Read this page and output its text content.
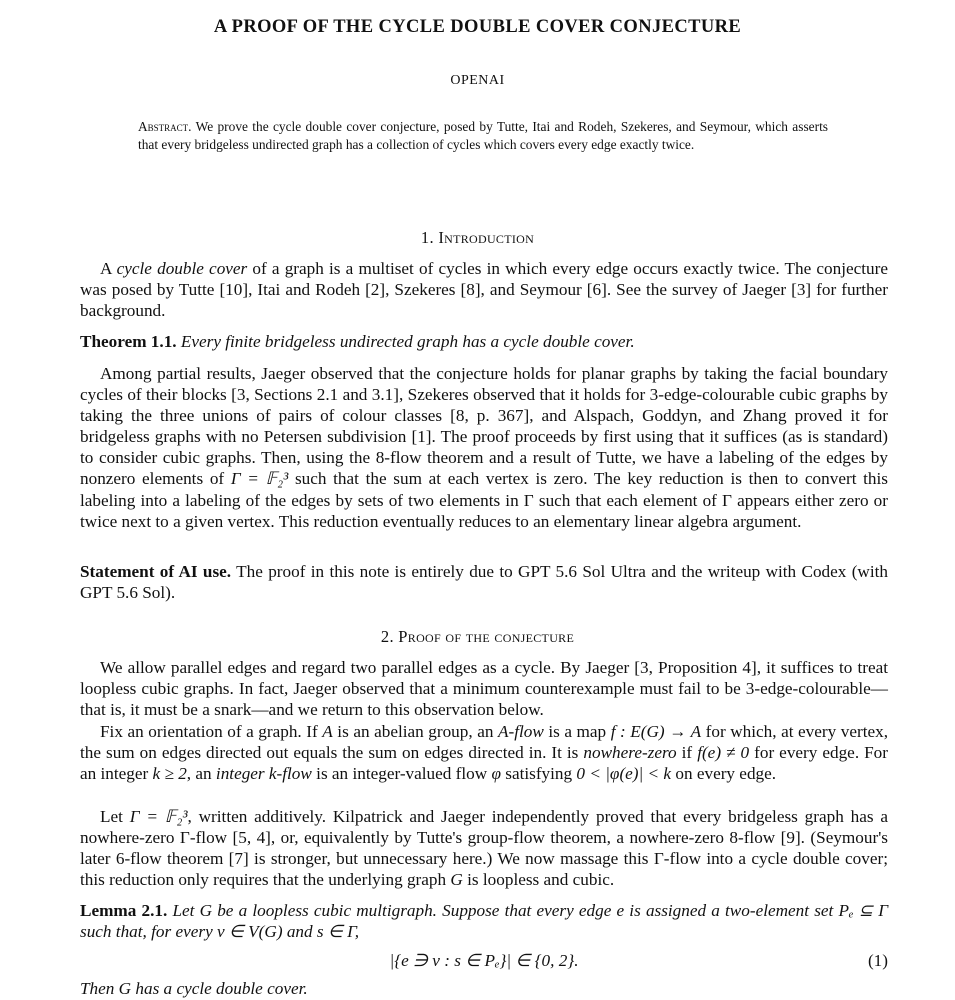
A PROOF OF THE CYCLE DOUBLE COVER CONJECTURE
OPENAI
Abstract. We prove the cycle double cover conjecture, posed by Tutte, Itai and Rodeh, Szekeres, and Seymour, which asserts that every bridgeless undirected graph has a collection of cycles which covers every edge exactly twice.
1. Introduction
A cycle double cover of a graph is a multiset of cycles in which every edge occurs exactly twice. The conjecture was posed by Tutte [10], Itai and Rodeh [2], Szekeres [8], and Seymour [6]. See the survey of Jaeger [3] for further background.
Theorem 1.1. Every finite bridgeless undirected graph has a cycle double cover.
Among partial results, Jaeger observed that the conjecture holds for planar graphs by taking the facial boundary cycles of their blocks [3, Sections 2.1 and 3.1], Szekeres observed that it holds for 3-edge-colourable cubic graphs by taking the three unions of pairs of colour classes [8, p. 367], and Alspach, Goddyn, and Zhang proved it for bridgeless graphs with no Petersen subdivision [1]. The proof proceeds by first using that it suffices (as is standard) to consider cubic graphs. Then, using the 8-flow theorem and a result of Tutte, we have a labeling of the edges by nonzero elements of Γ = 𝔽₂³ such that the sum at each vertex is zero. The key reduction is then to convert this labeling into a labeling of the edges by sets of two elements in Γ such that each element of Γ appears either zero or twice next to a given vertex. This reduction eventually reduces to an elementary linear algebra argument.
Statement of AI use. The proof in this note is entirely due to GPT 5.6 Sol Ultra and the writeup with Codex (with GPT 5.6 Sol).
2. Proof of the conjecture
We allow parallel edges and regard two parallel edges as a cycle. By Jaeger [3, Proposition 4], it suffices to treat loopless cubic graphs. In fact, Jaeger observed that a minimum counterexample must fail to be 3-edge-colourable—that is, it must be a snark—and we return to this observation below.
Fix an orientation of a graph. If A is an abelian group, an A-flow is a map f : E(G) → A for which, at every vertex, the sum on edges directed out equals the sum on edges directed in. It is nowhere-zero if f(e) ≠ 0 for every edge. For an integer k ≥ 2, an integer k-flow is an integer-valued flow φ satisfying 0 < |φ(e)| < k on every edge.
Let Γ = 𝔽₂³, written additively. Kilpatrick and Jaeger independently proved that every bridgeless graph has a nowhere-zero Γ-flow [5, 4], or, equivalently by Tutte's group-flow theorem, a nowhere-zero 8-flow [9]. (Seymour's later 6-flow theorem [7] is stronger, but unnecessary here.) We now massage this Γ-flow into a cycle double cover; this reduction only requires that the underlying graph G is loopless and cubic.
Lemma 2.1. Let G be a loopless cubic multigraph. Suppose that every edge e is assigned a two-element set Pₑ ⊆ Γ such that, for every v ∈ V(G) and s ∈ Γ,
|{e ∋ v : s ∈ Pₑ}| ∈ {0, 2}.	(1)
Then G has a cycle double cover.
